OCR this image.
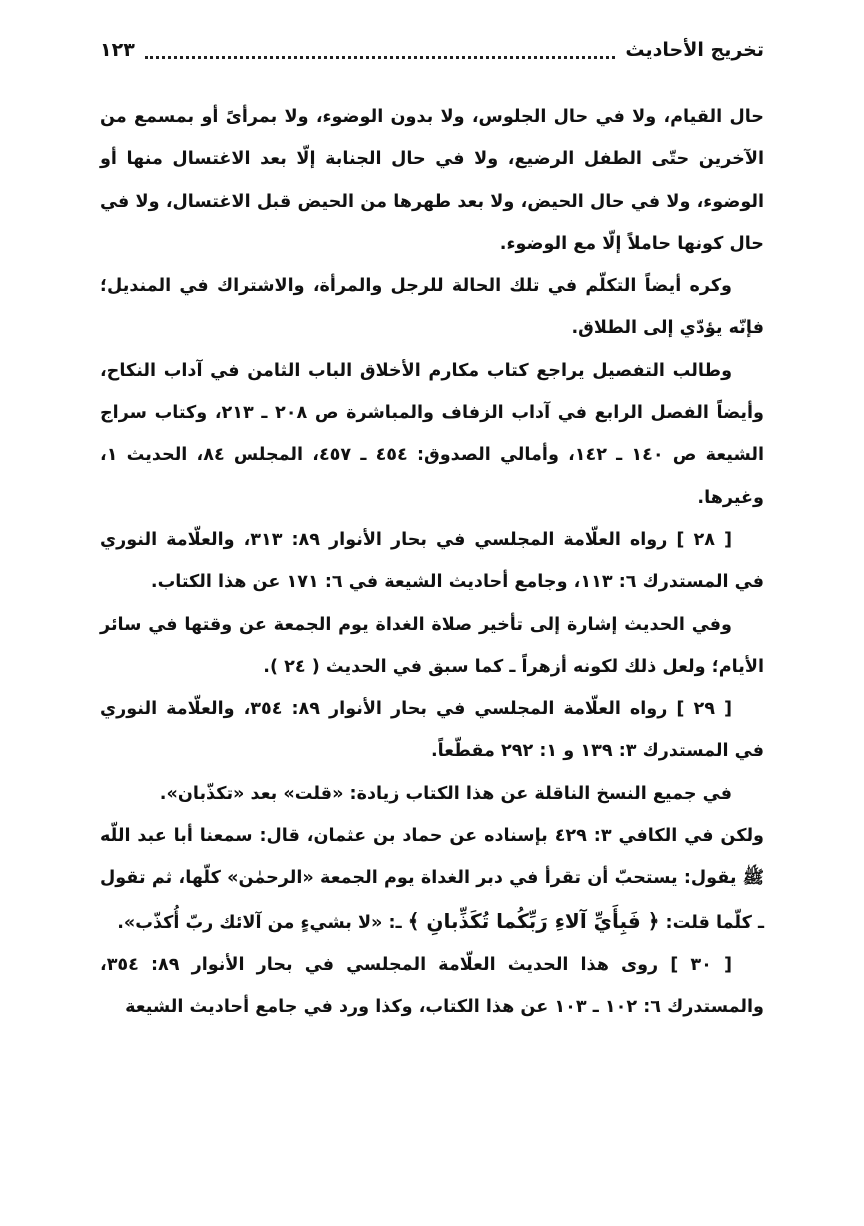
تخريج الأحاديث
١٢٣

حال القيام، ولا في حال الجلوس، ولا بدون الوضوء، ولا بمرأىً أو بمسمع من الآخرين حتّى الطفل الرضيع، ولا في حال الجنابة إلّا بعد الاغتسال منها أو الوضوء، ولا في حال الحيض، ولا بعد طهرها من الحيض قبل الاغتسال، ولا في حال كونها حاملاً إلّا مع الوضوء.

وكره أيضاً التكلّم في تلك الحالة للرجل والمرأة، والاشتراك في المنديل؛ فإنّه يؤدّي إلى الطلاق.

وطالب التفصيل يراجع كتاب مكارم الأخلاق الباب الثامن في آداب النكاح، وأيضاً الفصل الرابع في آداب الزفاف والمباشرة ص ٢٠٨ ـ ٢١٣، وكتاب سراج الشيعة ص ١٤٠ ـ ١٤٢، وأمالي الصدوق: ٤٥٤ ـ ٤٥٧، المجلس ٨٤، الحديث ١، وغيرها.

[ ٢٨ ] رواه العلّامة المجلسي في بحار الأنوار ٨٩: ٣١٣، والعلّامة النوري في المستدرك ٦: ١١٣، وجامع أحاديث الشيعة في ٦: ١٧١ عن هذا الكتاب.

وفي الحديث إشارة إلى تأخير صلاة الغداة يوم الجمعة عن وقتها في سائر الأيام؛ ولعل ذلك لكونه أزهراً ـ كما سبق في الحديث ( ٢٤ ).

[ ٢٩ ] رواه العلّامة المجلسي في بحار الأنوار ٨٩: ٣٥٤، والعلّامة النوري في المستدرك ٣: ١٣٩ و ١: ٢٩٢ مقطّعاً.

في جميع النسخ الناقلة عن هذا الكتاب زيادة: «قلت» بعد «تكذّبان».

ولكن في الكافي ٣: ٤٢٩ بإسناده عن حماد بن عثمان، قال: سمعنا أبا عبد اللّه ﷺ يقول: يستحبّ أن تقرأ في دبر الغداة يوم الجمعة «الرحمٰن» كلّها، ثم تقول ـ كلّما قلت: ﴿ فَبِأَيِّ آلاءِ رَبِّكُما تُكَذِّبانِ ﴾ ـ: «لا بشيءٍ من آلائك ربّ أُكذّب».

[ ٣٠ ] روى هذا الحديث العلّامة المجلسي في بحار الأنوار ٨٩: ٣٥٤، والمستدرك ٦: ١٠٢ ـ ١٠٣ عن هذا الكتاب، وكذا ورد في جامع أحاديث الشيعة
